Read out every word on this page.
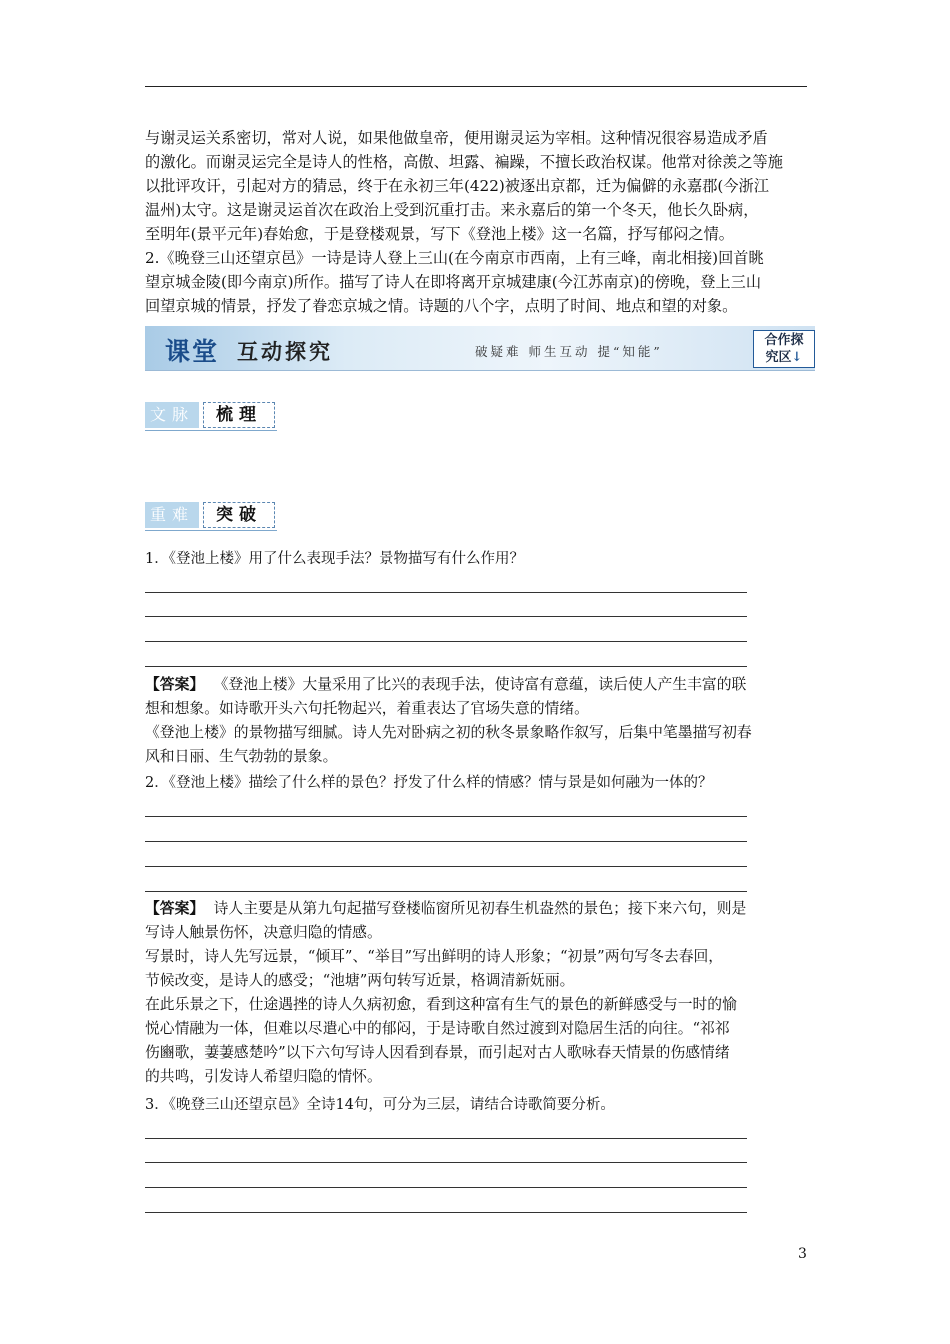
与谢灵运关系密切，常对人说，如果他做皇帝，便用谢灵运为宰相。这种情况很容易造成矛盾
的激化。而谢灵运完全是诗人的性格，高傲、坦露、褊躁，不擅长政治权谋。他常对徐羡之等施
以批评攻讦，引起对方的猜忌，终于在永初三年(422)被逐出京都，迁为偏僻的永嘉郡(今浙江
温州)太守。这是谢灵运首次在政治上受到沉重打击。来永嘉后的第一个冬天，他长久卧病，
至明年(景平元年)春始愈，于是登楼观景，写下《登池上楼》这一名篇，抒写郁闷之情。
2.《晚登三山还望京邑》一诗是诗人登上三山(在今南京市西南，上有三峰，南北相接)回首眺
望京城金陵(即今南京)所作。描写了诗人在即将离开京城建康(今江苏南京)的傍晚，登上三山
回望京城的情景，抒发了眷恋京城之情。诗题的八个字，点明了时间、地点和望的对象。
课堂 互动探究	破疑难 师生互动 提“知能”
合作探
究区↓
文脉	梳理
重难	突破
1．《登池上楼》用了什么表现手法？景物描写有什么作用？
【答案】 《登池上楼》大量采用了比兴的表现手法，使诗富有意蕴，读后使人产生丰富的联
想和想象。如诗歌开头六句托物起兴，着重表达了官场失意的情绪。
《登池上楼》的景物描写细腻。诗人先对卧病之初的秋冬景象略作叙写，后集中笔墨描写初春
风和日丽、生气勃勃的景象。
2．《登池上楼》描绘了什么样的景色？抒发了什么样的情感？情与景是如何融为一体的？
【答案】 诗人主要是从第九句起描写登楼临窗所见初春生机盎然的景色；接下来六句，则是
写诗人触景伤怀，决意归隐的情感。
写景时，诗人先写远景，“倾耳”、“举目”写出鲜明的诗人形象；“初景”两句写冬去春回，
节候改变，是诗人的感受；“池塘”两句转写近景，格调清新妩丽。
在此乐景之下，仕途遇挫的诗人久病初愈，看到这种富有生气的景色的新鲜感受与一时的愉
悦心情融为一体，但难以尽遣心中的郁闷，于是诗歌自然过渡到对隐居生活的向往。“祁祁
伤豳歌，萋萋感楚吟”以下六句写诗人因看到春景，而引起对古人歌咏春天情景的伤感情绪
的共鸣，引发诗人希望归隐的情怀。
3．《晚登三山还望京邑》全诗14句，可分为三层，请结合诗歌简要分析。
3
